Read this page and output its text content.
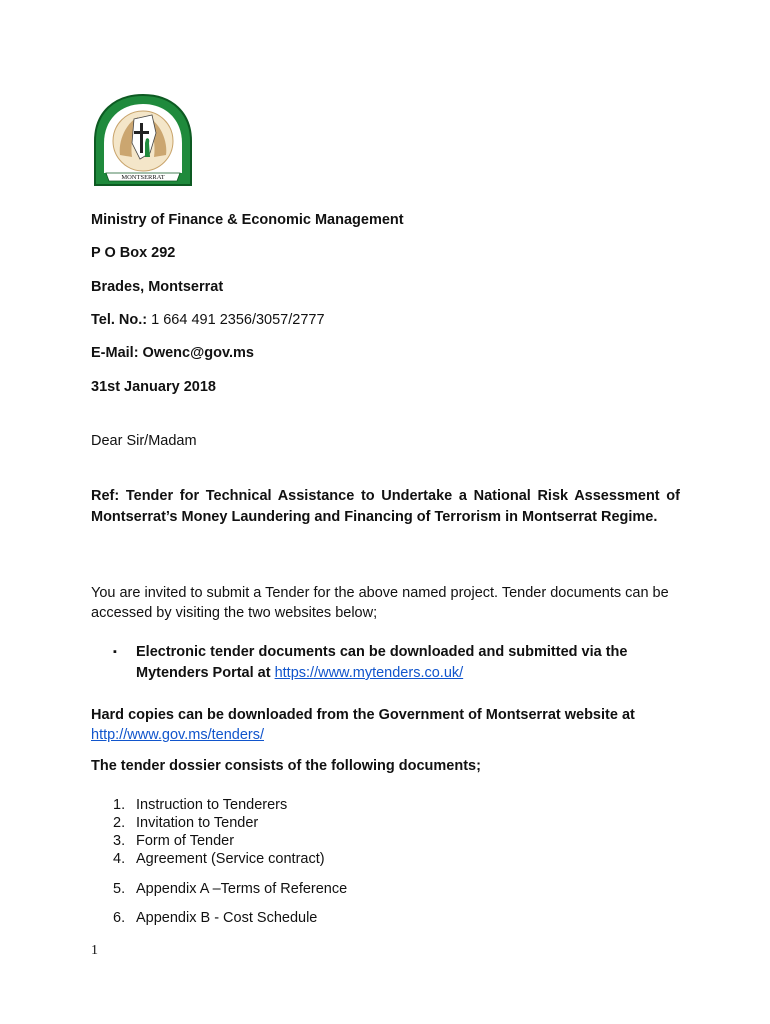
MONTSERRAT

Ministry of Finance & Economic Management

P O Box 292

Brades, Montserrat

Tel. No.: 1 664 491 2356/3057/2777

E-Mail: Owenc@gov.ms

31st January 2018

Dear Sir/Madam

Ref: Tender for Technical Assistance to Undertake a National Risk Assessment of Montserrat’s Money Laundering and Financing of Terrorism in Montserrat Regime.

You are invited to submit a Tender for the above named project. Tender documents can be accessed by visiting the two websites below;

▪ Electronic tender documents can be downloaded and submitted via the Mytenders Portal at https://www.mytenders.co.uk/

Hard copies can be downloaded from the Government of Montserrat website at
http://www.gov.ms/tenders/

The tender dossier consists of the following documents;

1. Instruction to Tenderers
2. Invitation to Tender
3. Form of Tender
4. Agreement (Service contract)
5. Appendix A –Terms of Reference
6. Appendix B - Cost Schedule
1
